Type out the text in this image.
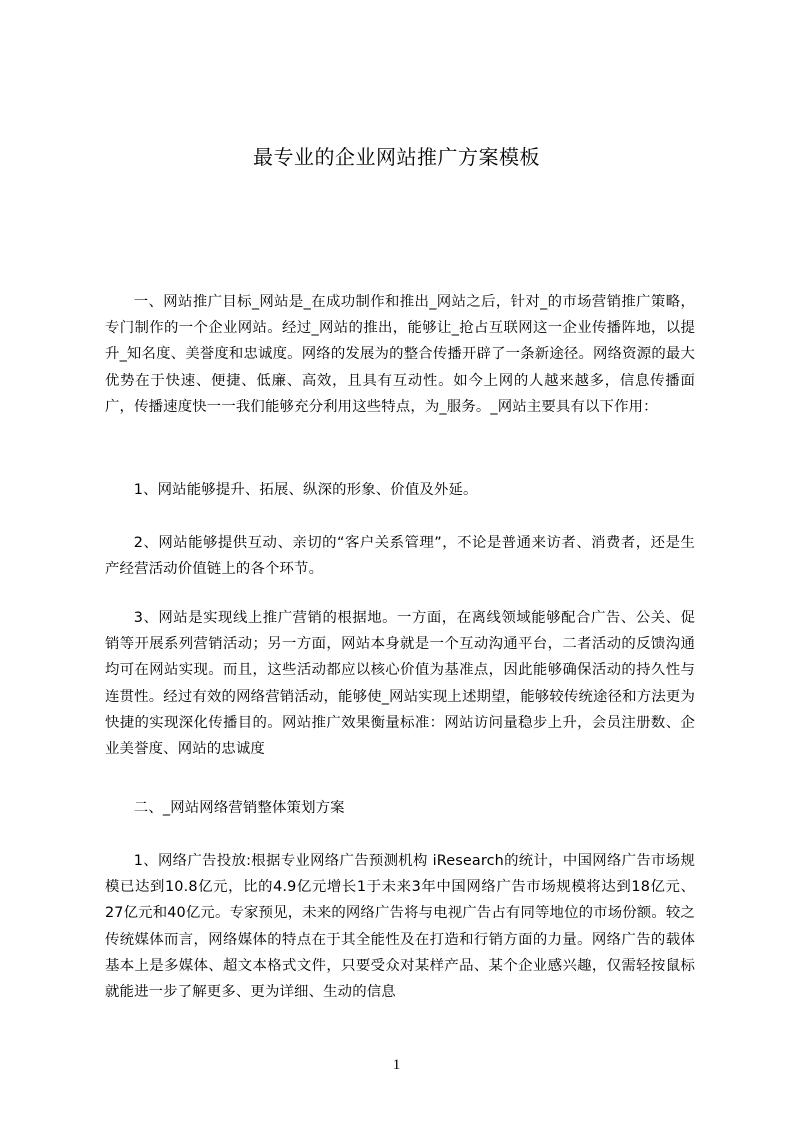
最专业的企业网站推广方案模板

一、网站推广目标_网站是_在成功制作和推出_网站之后，针对_的市场营销推广策略，专门制作的一个企业网站。经过_网站的推出，能够让_抢占互联网这一企业传播阵地，以提升_知名度、美誉度和忠诚度。网络的发展为的整合传播开辟了一条新途径。网络资源的最大优势在于快速、便捷、低廉、高效，且具有互动性。如今上网的人越来越多，信息传播面广，传播速度快一一我们能够充分利用这些特点，为_服务。_网站主要具有以下作用：

1、网站能够提升、拓展、纵深的形象、价值及外延。

2、网站能够提供互动、亲切的“客户关系管理”，不论是普通来访者、消费者，还是生产经营活动价值链上的各个环节。

3、网站是实现线上推广营销的根据地。一方面，在离线领域能够配合广告、公关、促销等开展系列营销活动；另一方面，网站本身就是一个互动沟通平台，二者活动的反馈沟通均可在网站实现。而且，这些活动都应以核心价值为基准点，因此能够确保活动的持久性与连贯性。经过有效的网络营销活动，能够使_网站实现上述期望，能够较传统途径和方法更为快捷的实现深化传播目的。网站推广效果衡量标准：网站访问量稳步上升，会员注册数、企业美誉度、网站的忠诚度

二、_网站网络营销整体策划方案

1、网络广告投放:根据专业网络广告预测机构 iResearch的统计，中国网络广告市场规模已达到10.8亿元，比的4.9亿元增长1于未来3年中国网络广告市场规模将达到18亿元、27亿元和40亿元。专家预见，未来的网络广告将与电视广告占有同等地位的市场份额。较之传统媒体而言，网络媒体的特点在于其全能性及在打造和行销方面的力量。网络广告的载体基本上是多媒体、超文本格式文件，只要受众对某样产品、某个企业感兴趣，仅需轻按鼠标就能进一步了解更多、更为详细、生动的信息

1
